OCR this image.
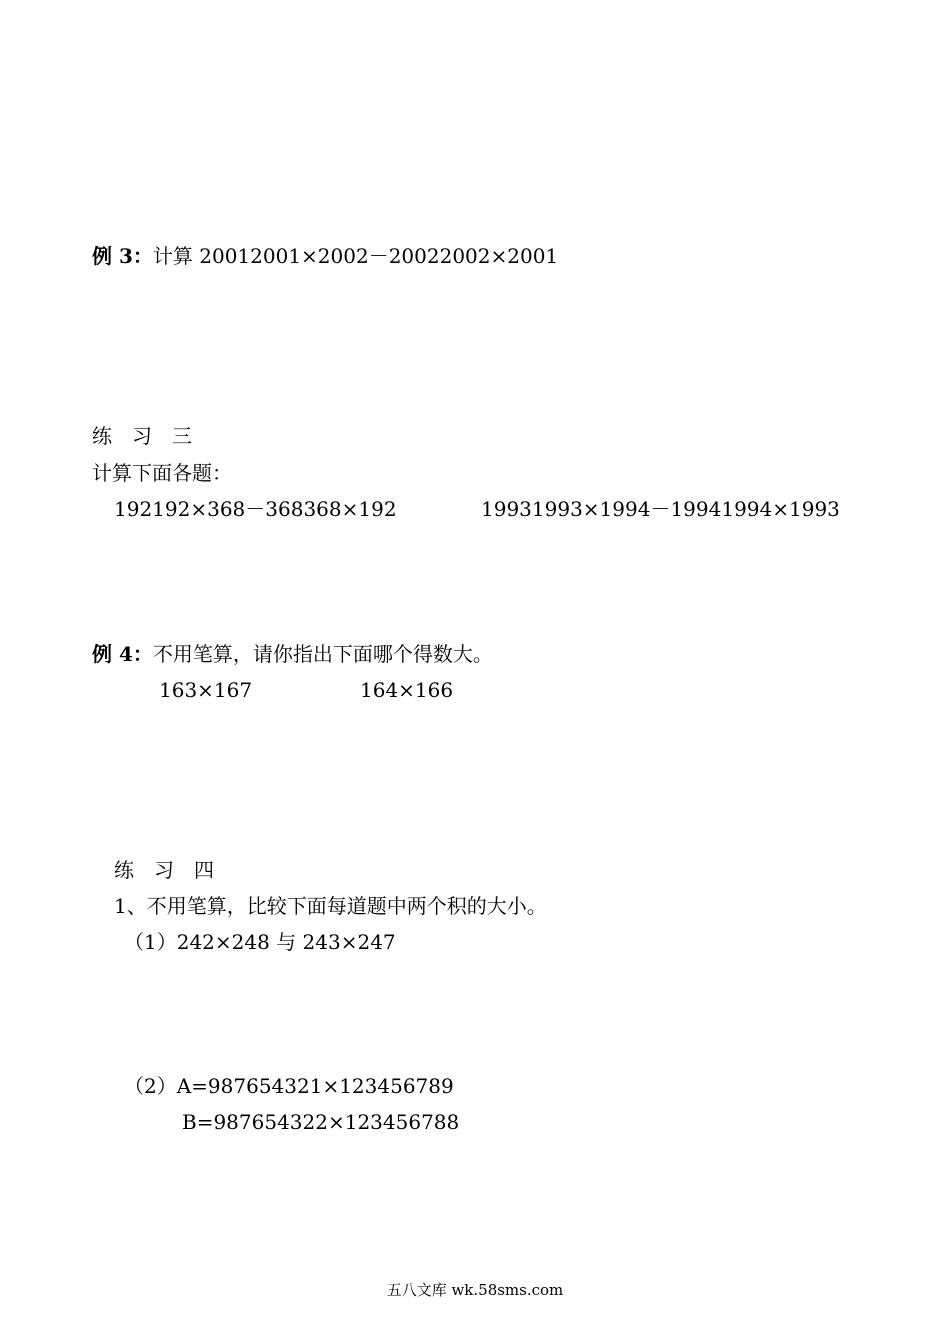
例 3：计算 20012001×2002－20022002×2001
练　习　三
计算下面各题：
192192×368－368368×192	19931993×1994－19941994×1993
例 4：不用笔算，请你指出下面哪个得数大。
163×167	164×166
练　习　四
1、不用笔算，比较下面每道题中两个积的大小。
（1）242×248 与 243×247
（2）A=987654321×123456789
B=987654322×123456788
五八文库 wk.58sms.com
